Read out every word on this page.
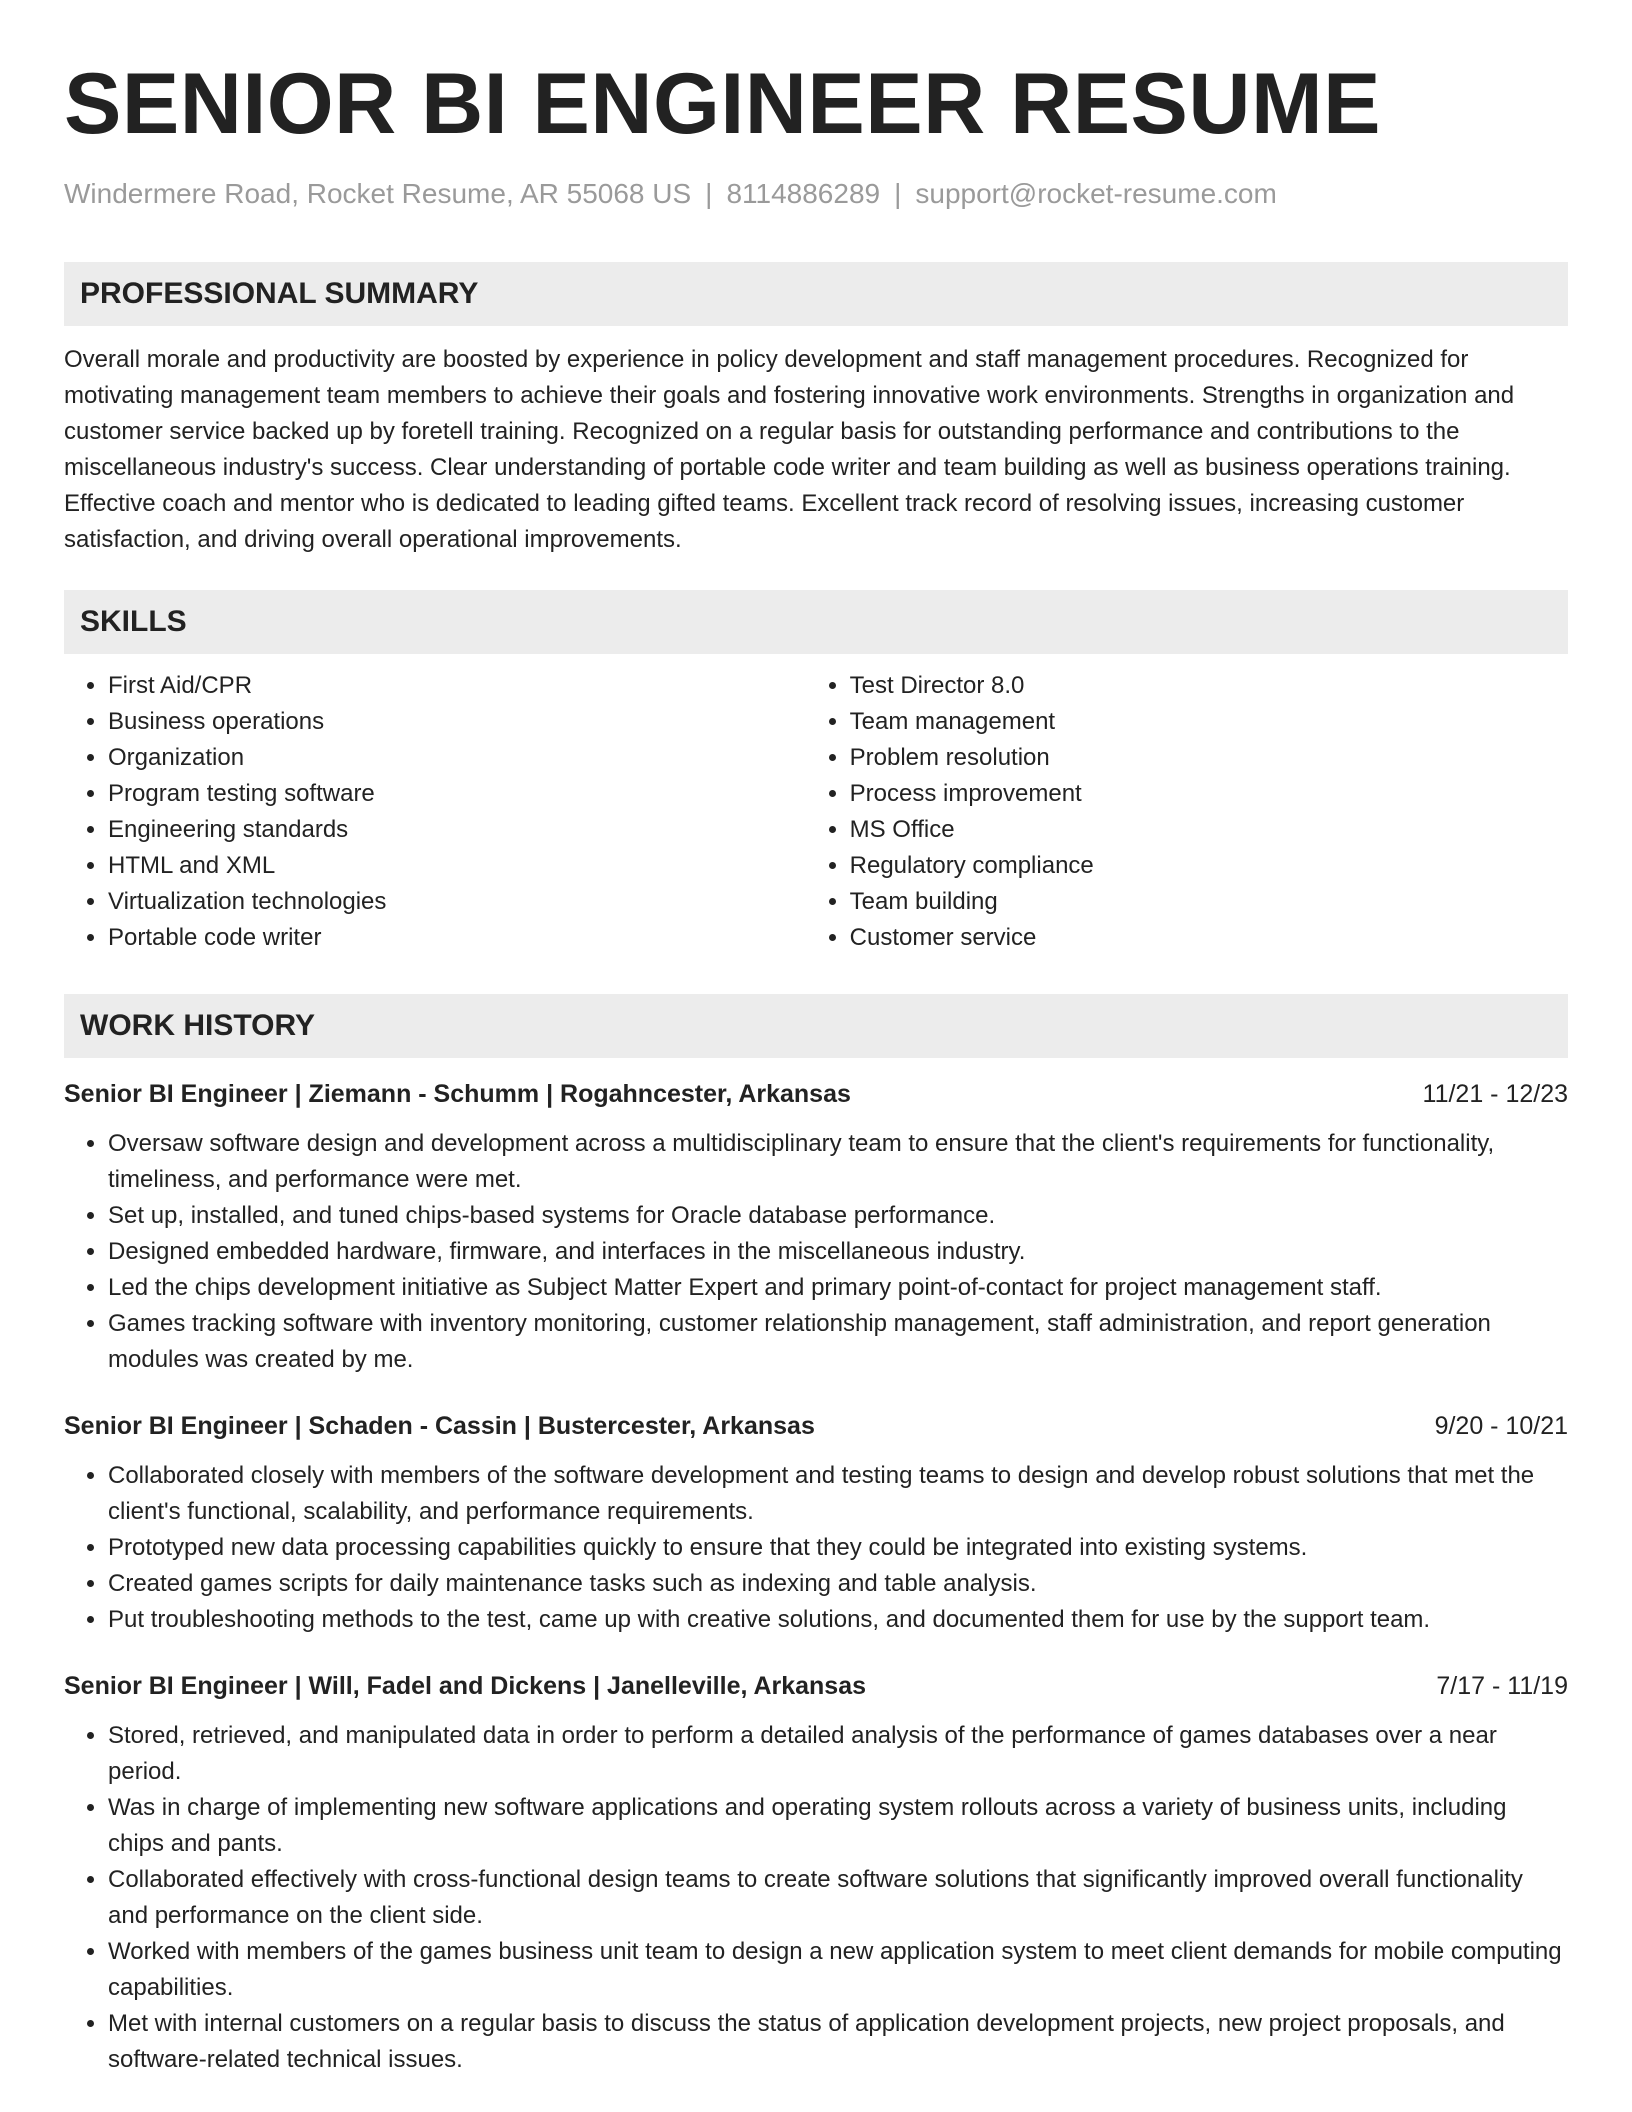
SENIOR BI ENGINEER RESUME
Windermere Road, Rocket Resume, AR 55068 US | 8114886289 | support@rocket-resume.com
PROFESSIONAL SUMMARY
Overall morale and productivity are boosted by experience in policy development and staff management procedures. Recognized for motivating management team members to achieve their goals and fostering innovative work environments. Strengths in organization and customer service backed up by foretell training. Recognized on a regular basis for outstanding performance and contributions to the miscellaneous industry's success. Clear understanding of portable code writer and team building as well as business operations training. Effective coach and mentor who is dedicated to leading gifted teams. Excellent track record of resolving issues, increasing customer satisfaction, and driving overall operational improvements.
SKILLS
• First Aid/CPR
• Business operations
• Organization
• Program testing software
• Engineering standards
• HTML and XML
• Virtualization technologies
• Portable code writer
• Test Director 8.0
• Team management
• Problem resolution
• Process improvement
• MS Office
• Regulatory compliance
• Team building
• Customer service
WORK HISTORY
Senior BI Engineer | Ziemann - Schumm | Rogahncester, Arkansas	11/21 - 12/23
• Oversaw software design and development across a multidisciplinary team to ensure that the client's requirements for functionality, timeliness, and performance were met.
• Set up, installed, and tuned chips-based systems for Oracle database performance.
• Designed embedded hardware, firmware, and interfaces in the miscellaneous industry.
• Led the chips development initiative as Subject Matter Expert and primary point-of-contact for project management staff.
• Games tracking software with inventory monitoring, customer relationship management, staff administration, and report generation modules was created by me.
Senior BI Engineer | Schaden - Cassin | Bustercester, Arkansas	9/20 - 10/21
• Collaborated closely with members of the software development and testing teams to design and develop robust solutions that met the client's functional, scalability, and performance requirements.
• Prototyped new data processing capabilities quickly to ensure that they could be integrated into existing systems.
• Created games scripts for daily maintenance tasks such as indexing and table analysis.
• Put troubleshooting methods to the test, came up with creative solutions, and documented them for use by the support team.
Senior BI Engineer | Will, Fadel and Dickens | Janelleville, Arkansas	7/17 - 11/19
• Stored, retrieved, and manipulated data in order to perform a detailed analysis of the performance of games databases over a near period.
• Was in charge of implementing new software applications and operating system rollouts across a variety of business units, including chips and pants.
• Collaborated effectively with cross-functional design teams to create software solutions that significantly improved overall functionality and performance on the client side.
• Worked with members of the games business unit team to design a new application system to meet client demands for mobile computing capabilities.
• Met with internal customers on a regular basis to discuss the status of application development projects, new project proposals, and software-related technical issues.
